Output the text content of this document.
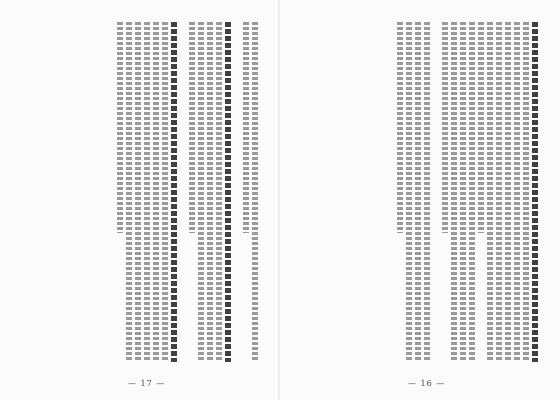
— 17 —	— 16 —
